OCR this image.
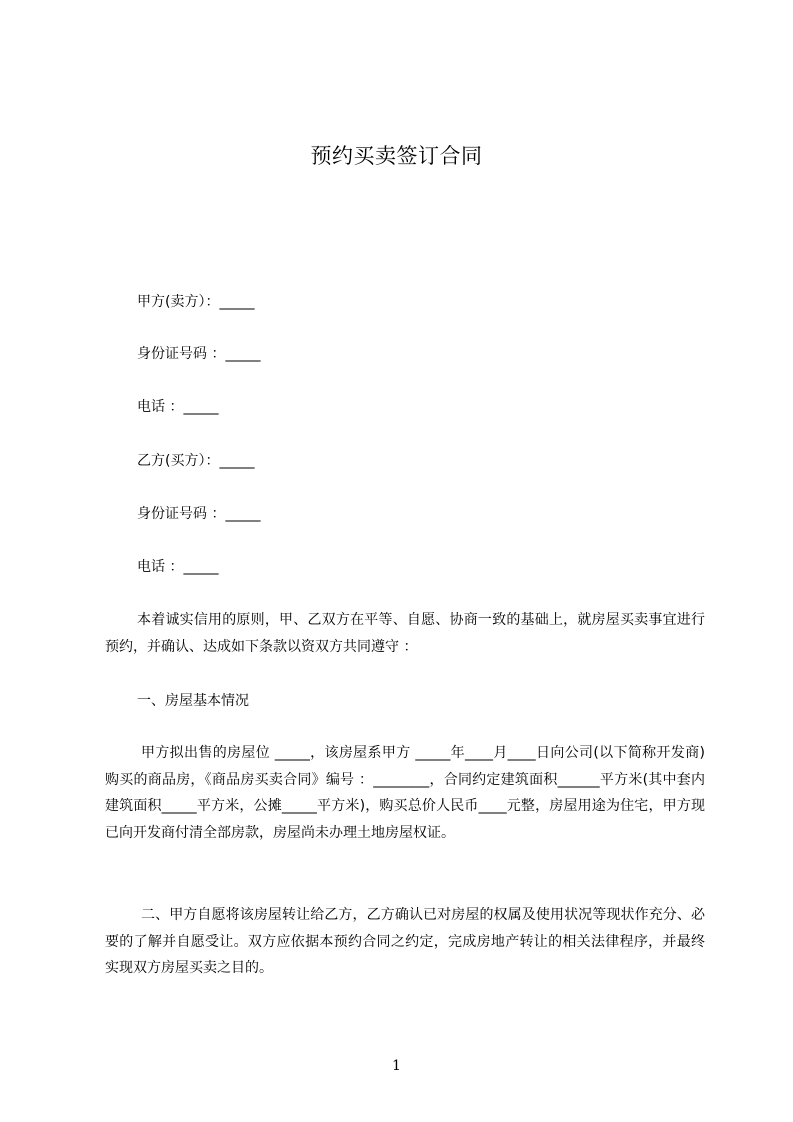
预约买卖签订合同
甲方(卖方）：_____
身份证号码 ：_____
电话 ：_____
乙方(买方）：_____
身份证号码 ：_____
电话 ：_____
本着诚实信用的原则，甲、乙双方在平等、自愿、协商一致的基础上，就房屋买卖事宜进行预约，并确认、达成如下条款以资双方共同遵守 ：
一、房屋基本情况
甲方拟出售的房屋位 _____，该房屋系甲方 _____年____月____日向公司(以下简称开发商)购买的商品房，《商品房买卖合同》编号 ：________，合同约定建筑面积______平方米(其中套内建筑面积_____平方米，公摊_____平方米)，购买总价人民币____元整，房屋用途为住宅，甲方现已向开发商付清全部房款，房屋尚未办理土地房屋权证。
二、甲方自愿将该房屋转让给乙方，乙方确认已对房屋的权属及使用状况等现状作充分、必要的了解并自愿受让。双方应依据本预约合同之约定，完成房地产转让的相关法律程序，并最终实现双方房屋买卖之目的。
1
